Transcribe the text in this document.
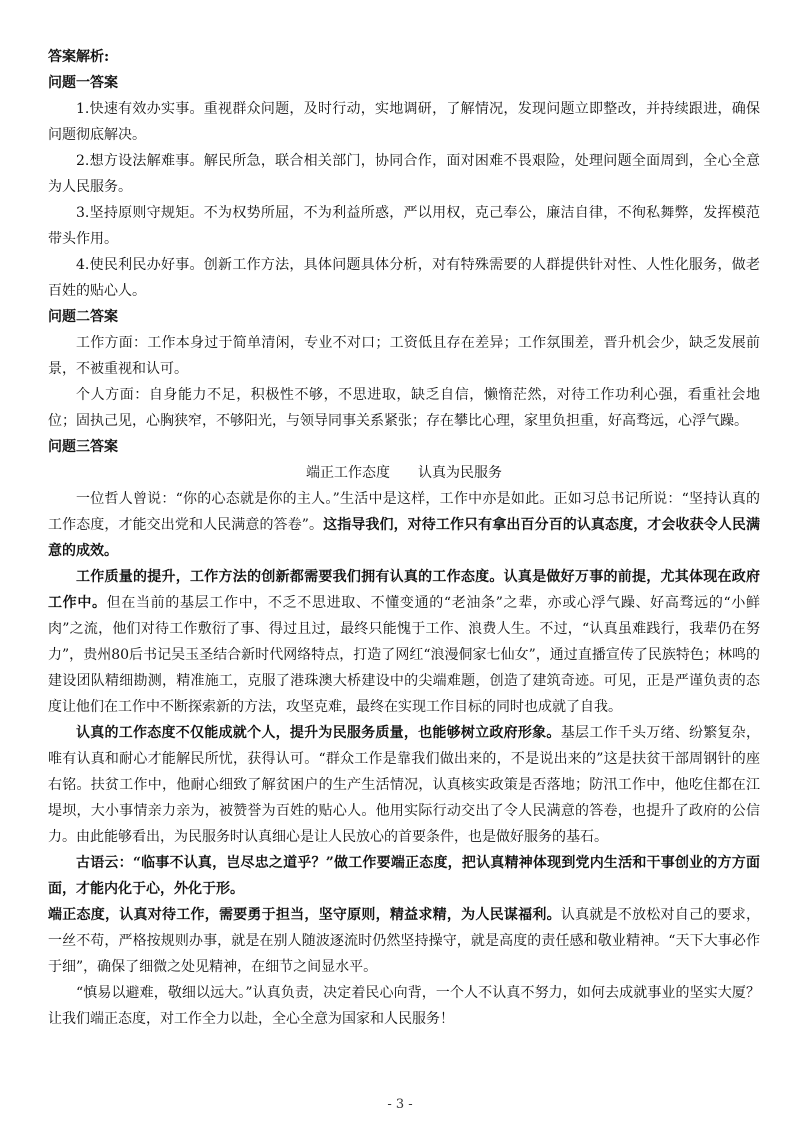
答案解析:
问题一答案

1.快速有效办实事。重视群众问题，及时行动，实地调研，了解情况，发现问题立即整改，并持续跟进，确保问题彻底解决。

2.想方设法解难事。解民所急，联合相关部门，协同合作，面对困难不畏艰险，处理问题全面周到，全心全意为人民服务。

3.坚持原则守规矩。不为权势所屈，不为利益所惑，严以用权，克己奉公，廉洁自律，不徇私舞弊，发挥模范带头作用。

4.使民利民办好事。创新工作方法，具体问题具体分析，对有特殊需要的人群提供针对性、人性化服务，做老百姓的贴心人。

问题二答案

工作方面：工作本身过于简单清闲，专业不对口；工资低且存在差异；工作氛围差，晋升机会少，缺乏发展前景，不被重视和认可。

个人方面：自身能力不足，积极性不够，不思进取，缺乏自信，懒惰茫然，对待工作功利心强，看重社会地位；固执己见，心胸狭窄，不够阳光，与领导同事关系紧张；存在攀比心理，家里负担重，好高骛远，心浮气躁。

问题三答案
端正工作态度 认真为民服务

一位哲人曾说：“你的心态就是你的主人。”生活中是这样，工作中亦是如此。正如习总书记所说：“坚持认真的工作态度，才能交出党和人民满意的答卷”。这指导我们，对待工作只有拿出百分百的认真态度，才会收获令人民满意的成效。

工作质量的提升，工作方法的创新都需要我们拥有认真的工作态度。认真是做好万事的前提，尤其体现在政府工作中。但在当前的基层工作中，不乏不思进取、不懂变通的“老油条”之辈，亦或心浮气躁、好高骛远的“小鲜肉”之流，他们对待工作敷衍了事、得过且过，最终只能愧于工作、浪费人生。不过，“认真虽难践行，我辈仍在努力”，贵州80后书记吴玉圣结合新时代网络特点，打造了网红“浪漫侗家七仙女”，通过直播宣传了民族特色；林鸣的建设团队精细勘测，精准施工，克服了港珠澳大桥建设中的尖端难题，创造了建筑奇迹。可见，正是严谨负责的态度让他们在工作中不断探索新的方法，攻坚克难，最终在实现工作目标的同时也成就了自我。

认真的工作态度不仅能成就个人，提升为民服务质量，也能够树立政府形象。基层工作千头万绪、纷繁复杂，唯有认真和耐心才能解民所忧，获得认可。“群众工作是靠我们做出来的，不是说出来的”这是扶贫干部周钢针的座右铭。扶贫工作中，他耐心细致了解贫困户的生产生活情况，认真核实政策是否落地；防汛工作中，他吃住都在江堤坝，大小事情亲力亲为，被赞誉为百姓的贴心人。他用实际行动交出了令人民满意的答卷，也提升了政府的公信力。由此能够看出，为民服务时认真细心是让人民放心的首要条件，也是做好服务的基石。

古语云：“临事不认真，岂尽忠之道乎？”做工作要端正态度，把认真精神体现到党内生活和干事创业的方方面面，才能内化于心，外化于形。

端正态度，认真对待工作，需要勇于担当，坚守原则，精益求精，为人民谋福利。认真就是不放松对自己的要求，一丝不苟，严格按规则办事，就是在别人随波逐流时仍然坚持操守，就是高度的责任感和敬业精神。“天下大事必作于细”，确保了细微之处见精神，在细节之间显水平。

“慎易以避难，敬细以远大。”认真负责，决定着民心向背，一个人不认真不努力，如何去成就事业的坚实大厦？让我们端正态度，对工作全力以赴，全心全意为国家和人民服务！

- 3 -
